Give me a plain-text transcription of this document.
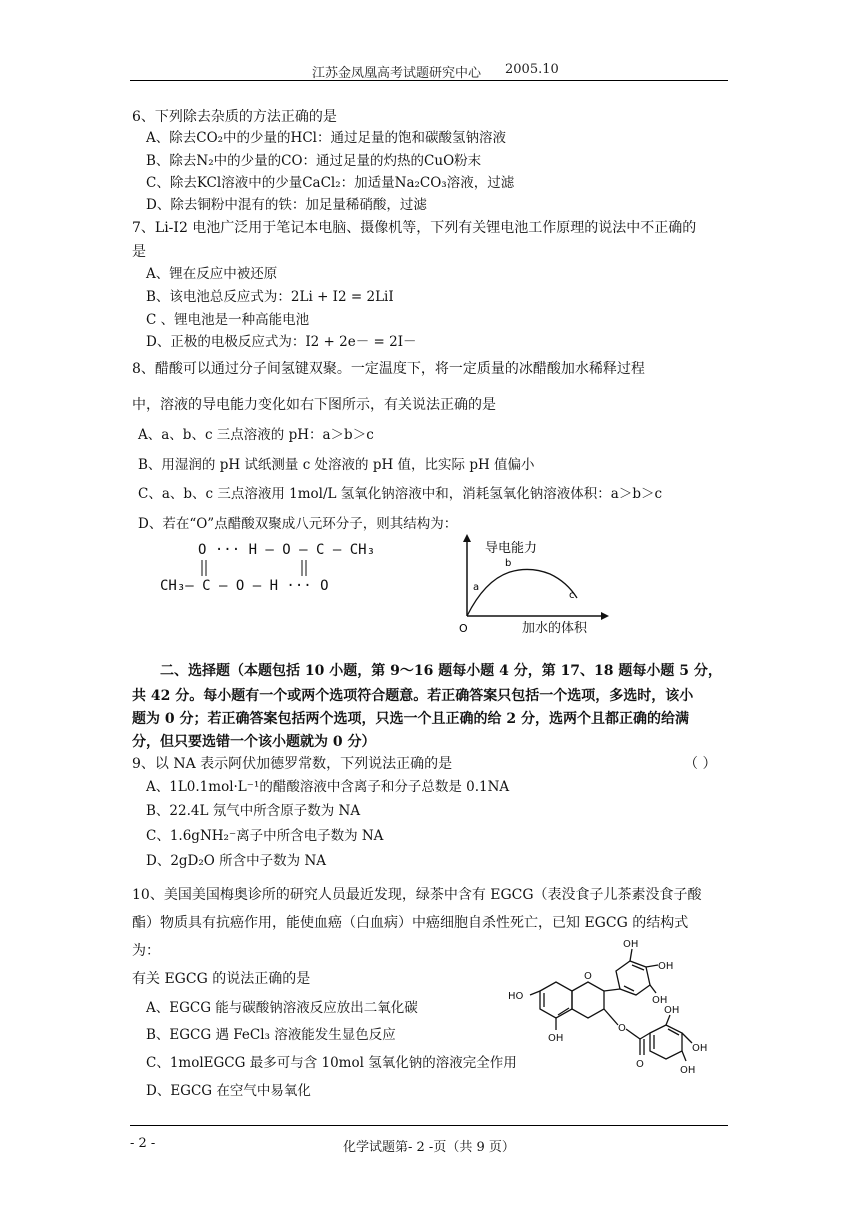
江苏金凤凰高考试题研究中心 2005.10
6、下列除去杂质的方法正确的是
A、除去CO₂中的少量的HCl：通过足量的饱和碳酸氢钠溶液
B、除去N₂中的少量的CO：通过足量的灼热的CuO粉末
C、除去KCl溶液中的少量CaCl₂：加适量Na₂CO₃溶液，过滤
D、除去铜粉中混有的铁：加足量稀硝酸，过滤
7、Li-I2 电池广泛用于笔记本电脑、摄像机等，下列有关锂电池工作原理的说法中不正确的
是
A、锂在反应中被还原
B、该电池总反应式为：2Li + I2 = 2LiI
C 、锂电池是一种高能电池
D、正极的电极反应式为：I2 + 2e－ = 2I－
8、醋酸可以通过分子间氢键双聚。一定温度下，将一定质量的冰醋酸加水稀释过程
中，溶液的导电能力变化如右下图所示，有关说法正确的是
A、a、b、c 三点溶液的 pH：a＞b＞c
B、用湿润的 pH 试纸测量 c 处溶液的 pH 值，比实际 pH 值偏小
C、a、b、c 三点溶液用 1mol/L 氢氧化钠溶液中和，消耗氢氧化钠溶液体积：a＞b＞c
D、若在“O”点醋酸双聚成八元环分子，则其结构为：
O ··· H — O — C — CH₃
CH₃— C — O — H ··· O
导电能力
O
a
b
c
加水的体积
二、选择题（本题包括 10 小题，第 9～16 题每小题 4 分，第 17、18 题每小题 5 分，
共 42 分。每小题有一个或两个选项符合题意。若正确答案只包括一个选项，多选时，该小
题为 0 分；若正确答案包括两个选项，只选一个且正确的给 2 分，选两个且都正确的给满
分，但只要选错一个该小题就为 0 分）
9、以 NA 表示阿伏加德罗常数，下列说法正确的是	（ ）
A、1L0.1mol·L⁻¹的醋酸溶液中含离子和分子总数是 0.1NA
B、22.4L 氖气中所含原子数为 NA
C、1.6gNH₂⁻离子中所含电子数为 NA
D、2gD₂O 所含中子数为 NA
10、美国美国梅奥诊所的研究人员最近发现，绿茶中含有 EGCG（表没食子儿茶素没食子酸
酯）物质具有抗癌作用，能使血癌（白血病）中癌细胞自杀性死亡，已知 EGCG 的结构式
为：
有关 EGCG 的说法正确的是
A、EGCG 能与碳酸钠溶液反应放出二氧化碳
B、EGCG 遇 FeCl₃ 溶液能发生显色反应
C、1molEGCG 最多可与含 10mol 氢氧化钠的溶液完全作用
D、EGCG 在空气中易氧化
OH
OH
OH
HO
OH
O
O
O
OH
OH
OH
- 2 -	化学试题第- 2 -页（共 9 页）
